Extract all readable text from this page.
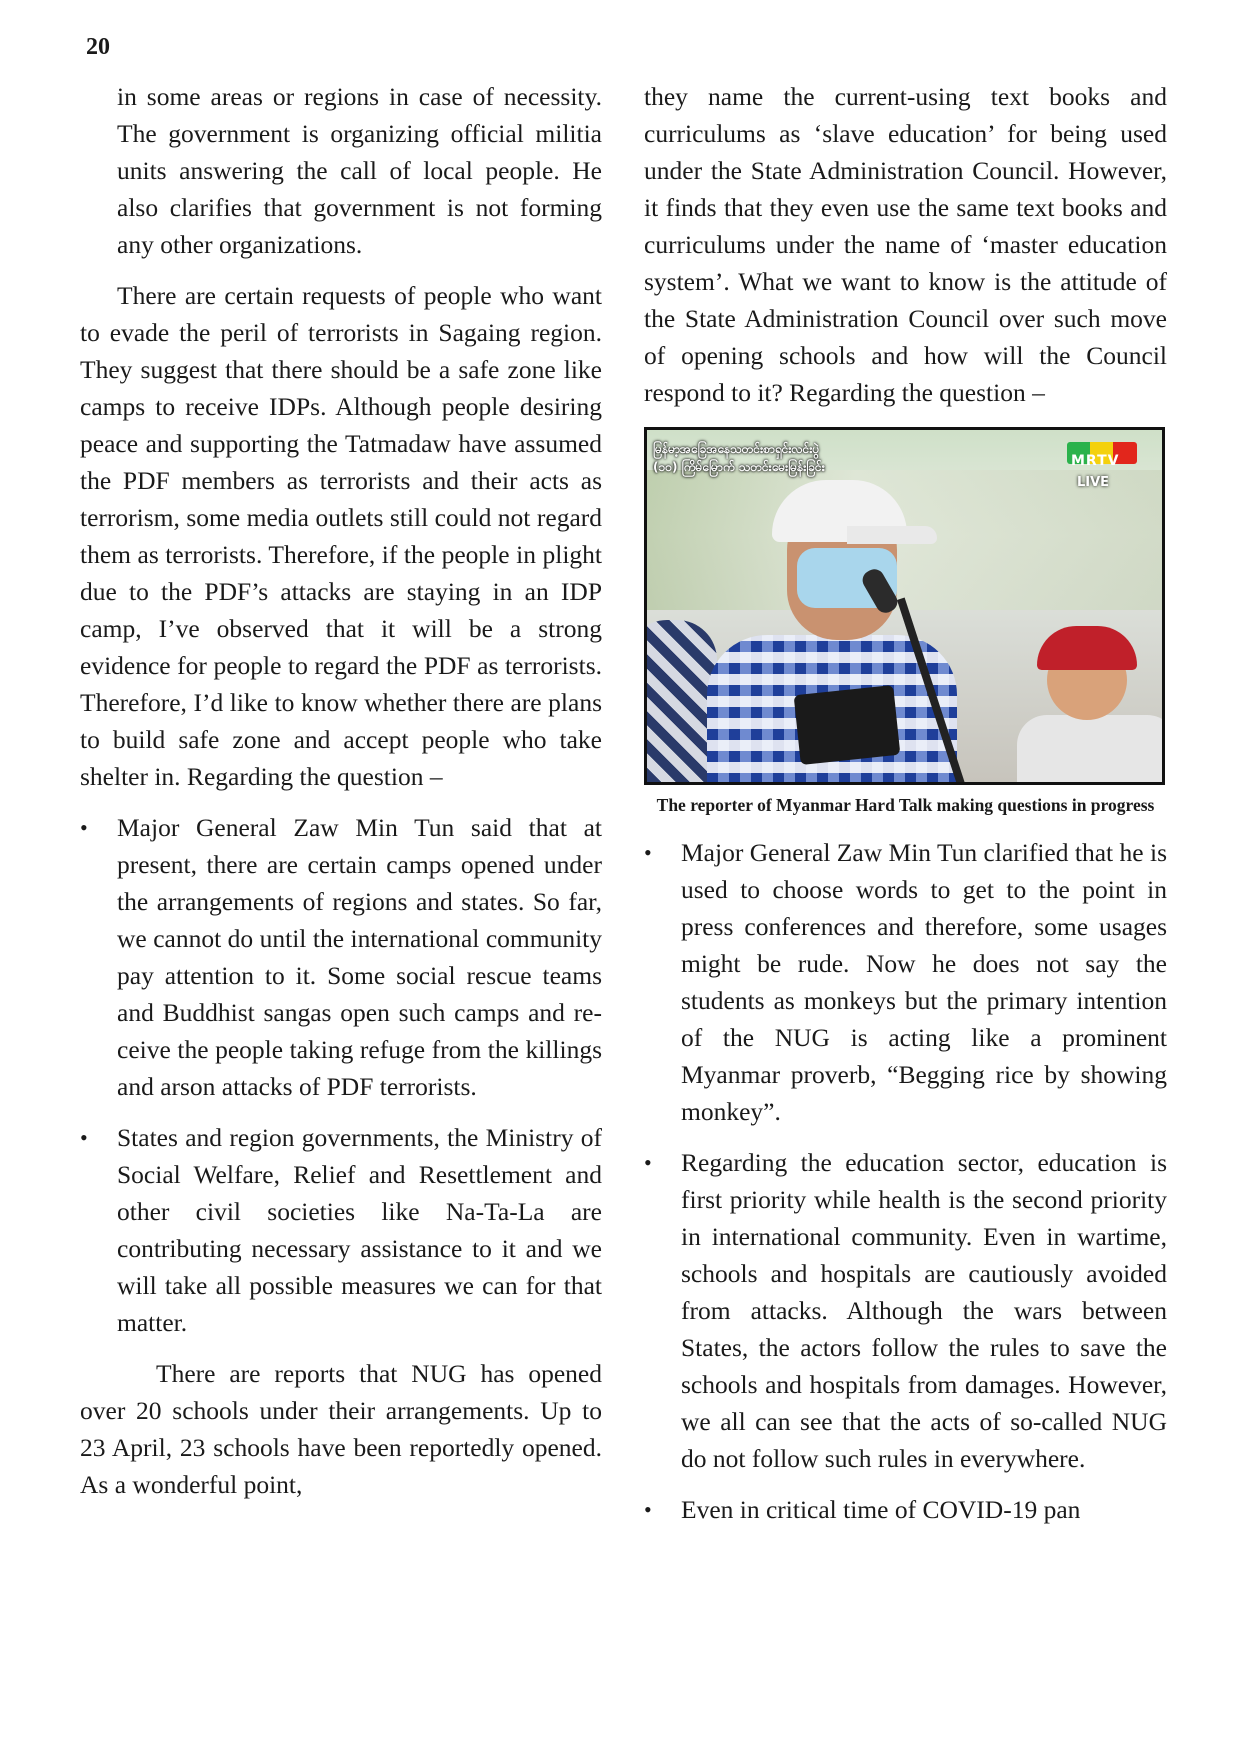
20

in some areas or regions in case of necessity. The government is organizing official militia units answering the call of local people. He also clarifies that government is not forming any other organizations.

There are certain requests of people who want to evade the peril of terrorists in Sagaing region. They suggest that there should be a safe zone like camps to receive IDPs. Although people desiring peace and supporting the Tatmadaw have assumed the PDF members as terrorists and their acts as terrorism, some media outlets still could not regard them as terrorists. Therefore, if the people in plight due to the PDF’s attacks are staying in an IDP camp, I’ve observed that it will be a strong evidence for people to regard the PDF as terrorists. Therefore, I’d like to know whether there are plans to build safe zone and accept people who take shelter in. Regarding the question –

•	Major General Zaw Min Tun said that at present, there are certain camps opened under the arrangements of regions and states. So far, we cannot do until the international community pay attention to it. Some social rescue teams and Buddhist sangas open such camps and receive the people taking refuge from the killings and arson attacks of PDF terrorists.
•	States and region governments, the Ministry of Social Welfare, Relief and Resettlement and other civil societies like Na-Ta-La are contributing necessary assistance to it and we will take all possible measures we can for that matter.

There are reports that NUG has opened over 20 schools under their arrangements. Up to 23 April, 23 schools have been reportedly opened. As a wonderful point,

they name the current-using text books and curriculums as ‘slave education’ for being used under the State Administration Council. However, it finds that they even use the same text books and curriculums under the name of ‘master education system’. What we want to know is the attitude of the State Administration Council over such move of opening schools and how will the Council respond to it? Regarding the question –

မြန်မာ့အခြေအနေသတင်းစာရှင်းလင်းပွဲ
(၁၀) ကြိမ်မြောက် သတင်းမေးမြန်းခြင်း	MRTV
LIVE
The reporter of Myanmar Hard Talk making questions in progress
•	Major General Zaw Min Tun clarified that he is used to choose words to get to the point in press conferences and therefore, some usages might be rude. Now he does not say the students as monkeys but the primary intention of the NUG is acting like a prominent Myanmar proverb, “Begging rice by showing monkey”.
•	Regarding the education sector, education is first priority while health is the second priority in international community. Even in wartime, schools and hospitals are cautiously avoided from attacks. Although the wars between States, the actors follow the rules to save the schools and hospitals from damages. However, we all can see that the acts of so-called NUG do not follow such rules in everywhere.
•	Even in critical time of COVID-19 pan
